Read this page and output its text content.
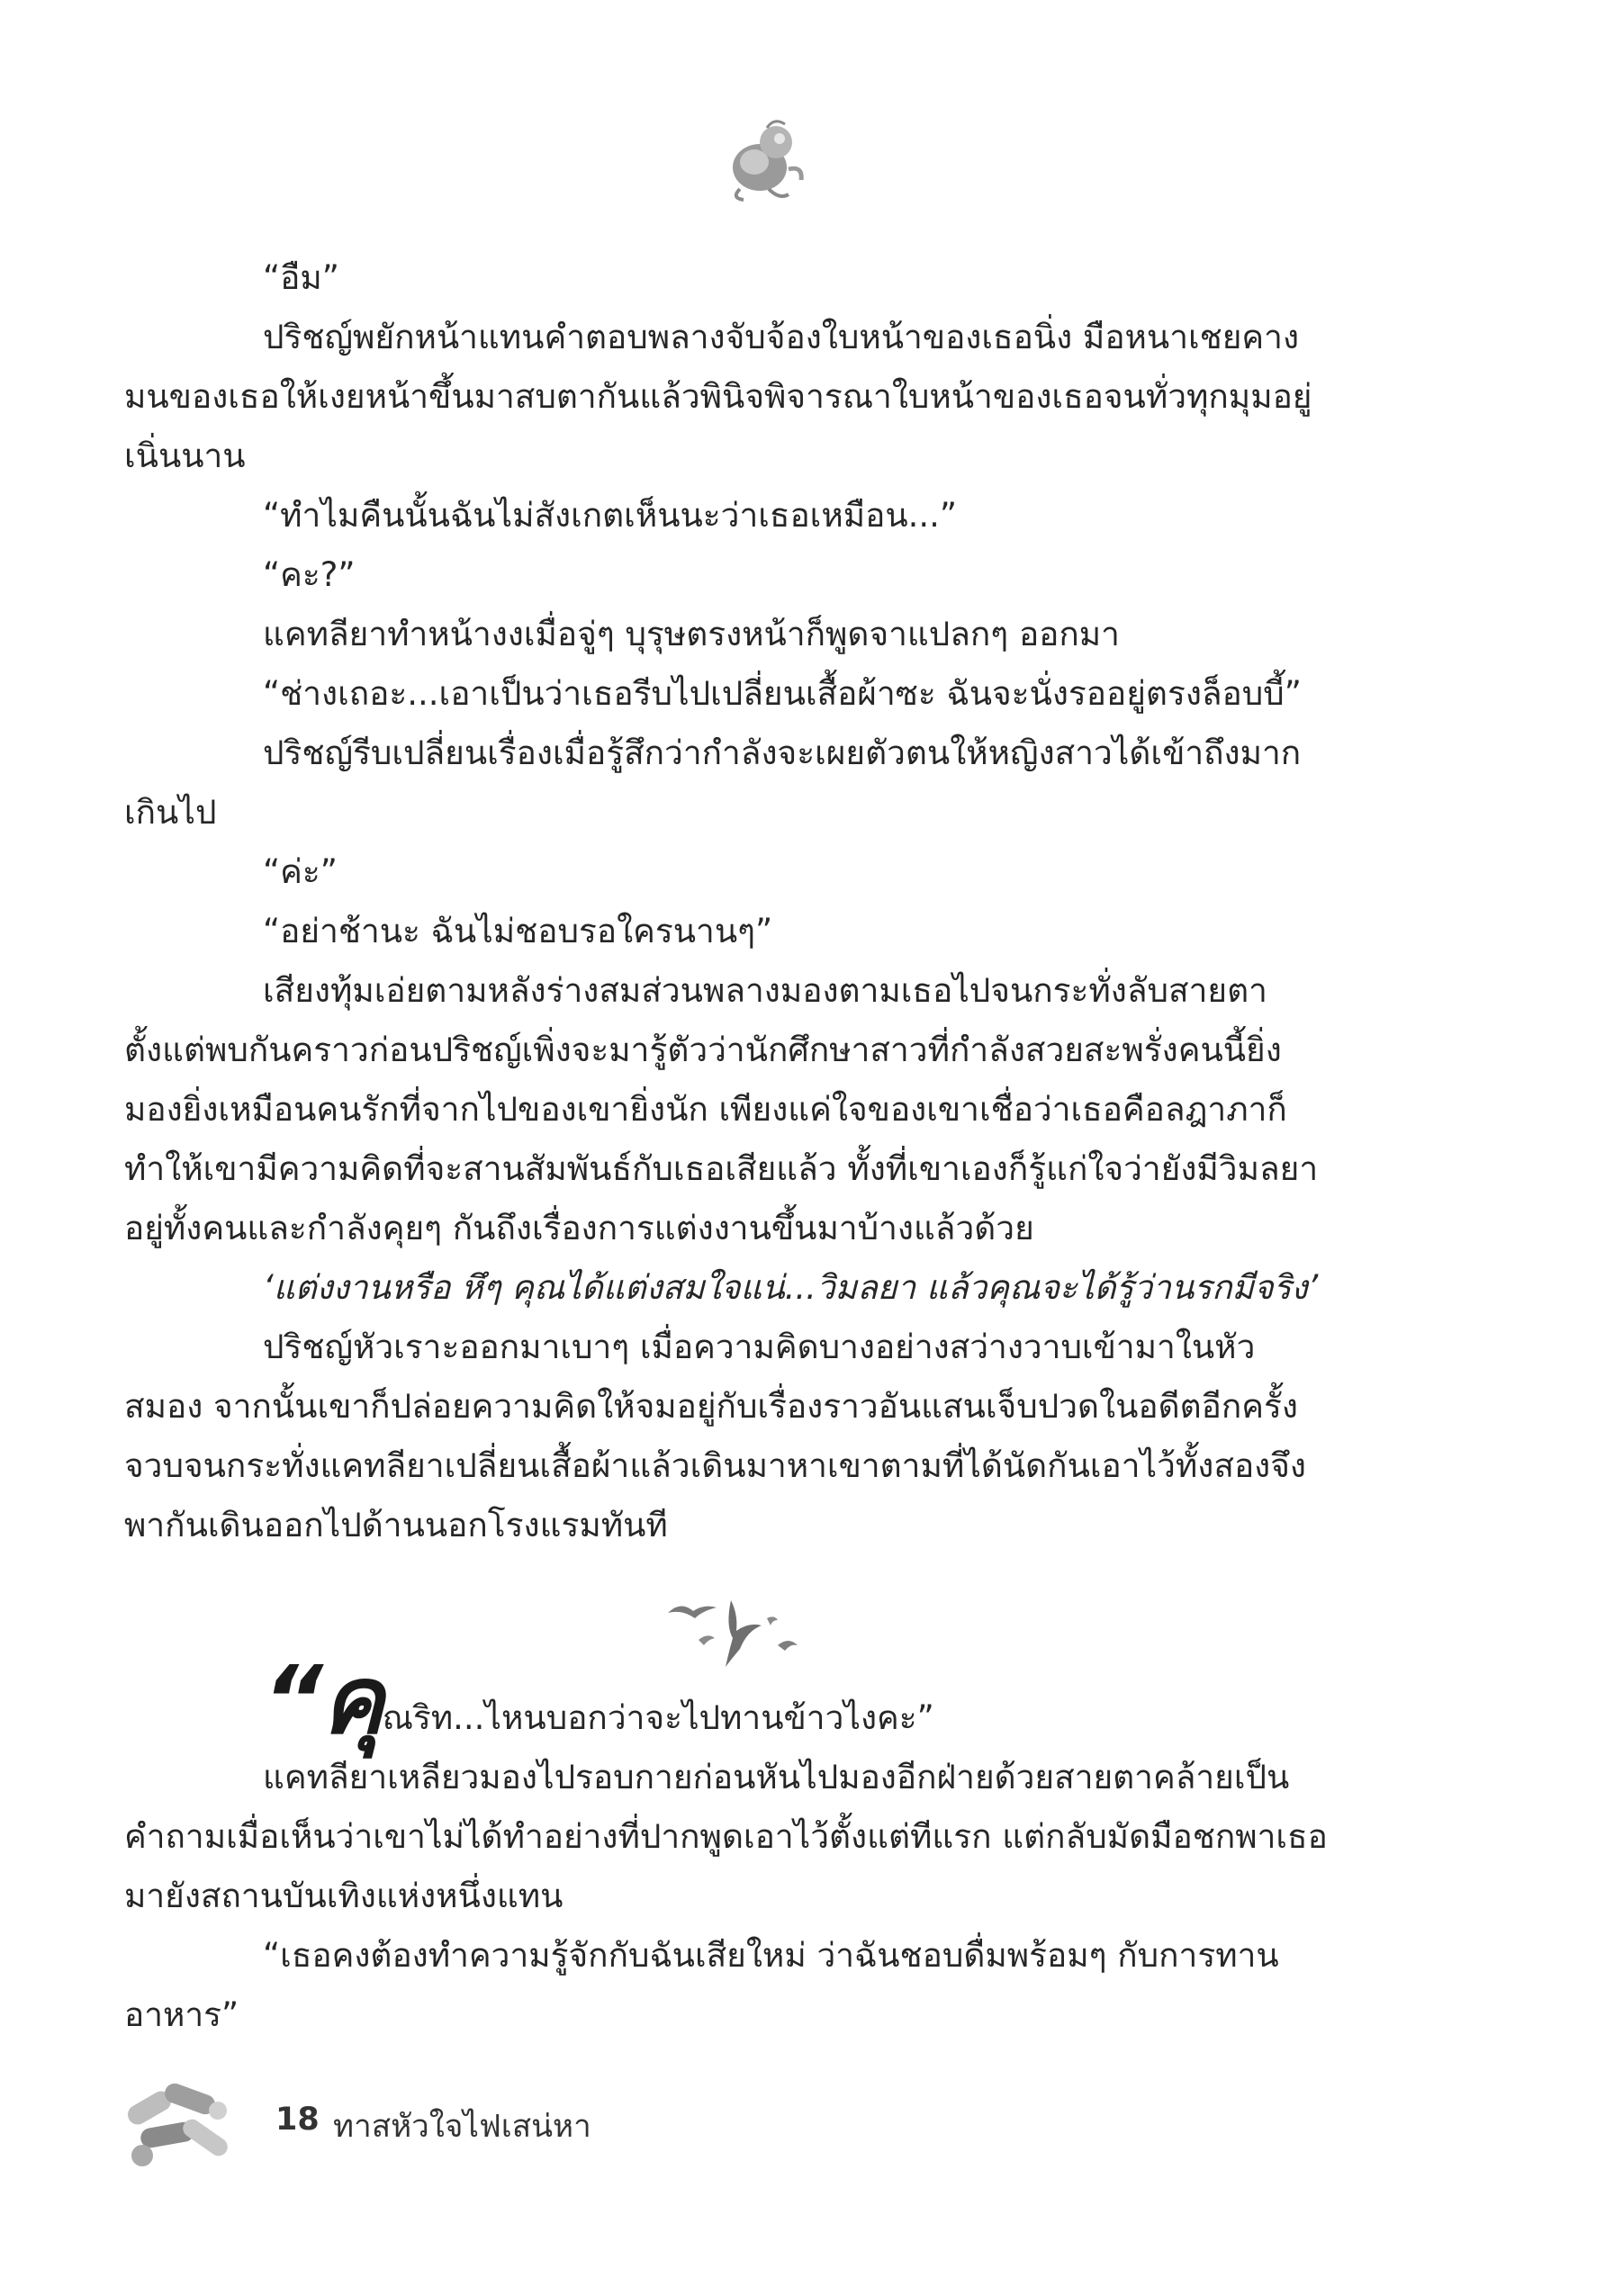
“อืม”

ปริชญ์พยักหน้าแทนคำตอบพลางจับจ้องใบหน้าของเธอนิ่ง มือหนาเชยคางมนของเธอให้เงยหน้าขึ้นมาสบตากันแล้วพินิจพิจารณาใบหน้าของเธอจนทั่วทุกมุมอยู่เนิ่นนาน

“ทำไมคืนนั้นฉันไม่สังเกตเห็นนะว่าเธอเหมือน...”

“คะ?”

แคทลียาทำหน้างงเมื่อจู่ๆ บุรุษตรงหน้าก็พูดจาแปลกๆ ออกมา

“ช่างเถอะ...เอาเป็นว่าเธอรีบไปเปลี่ยนเสื้อผ้าซะ ฉันจะนั่งรออยู่ตรงล็อบบี้”

ปริชญ์รีบเปลี่ยนเรื่องเมื่อรู้สึกว่ากำลังจะเผยตัวตนให้หญิงสาวได้เข้าถึงมากเกินไป

“ค่ะ”

“อย่าช้านะ ฉันไม่ชอบรอใครนานๆ”

เสียงทุ้มเอ่ยตามหลังร่างสมส่วนพลางมองตามเธอไปจนกระทั่งลับสายตาตั้งแต่พบกันคราวก่อนปริชญ์เพิ่งจะมารู้ตัวว่านักศึกษาสาวที่กำลังสวยสะพรั่งคนนี้ยิ่งมองยิ่งเหมือนคนรักที่จากไปของเขายิ่งนัก เพียงแค่ใจของเขาเชื่อว่าเธอคือลฎาภาก็ทำให้เขามีความคิดที่จะสานสัมพันธ์กับเธอเสียแล้ว ทั้งที่เขาเองก็รู้แก่ใจว่ายังมีวิมลยาอยู่ทั้งคนและกำลังคุยๆ กันถึงเรื่องการแต่งงานขึ้นมาบ้างแล้วด้วย

‘แต่งงานหรือ หึๆ คุณได้แต่งสมใจแน่...วิมลยา แล้วคุณจะได้รู้ว่านรกมีจริง’

ปริชญ์หัวเราะออกมาเบาๆ เมื่อความคิดบางอย่างสว่างวาบเข้ามาในหัวสมอง จากนั้นเขาก็ปล่อยความคิดให้จมอยู่กับเรื่องราวอันแสนเจ็บปวดในอดีตอีกครั้ง จวบจนกระทั่งแคทลียาเปลี่ยนเสื้อผ้าแล้วเดินมาหาเขาตามที่ได้นัดกันเอาไว้ทั้งสองจึงพากันเดินออกไปด้านนอกโรงแรมทันที

“คุณริท...ไหนบอกว่าจะไปทานข้าวไงคะ”

แคทลียาเหลียวมองไปรอบกายก่อนหันไปมองอีกฝ่ายด้วยสายตาคล้ายเป็นคำถามเมื่อเห็นว่าเขาไม่ได้ทำอย่างที่ปากพูดเอาไว้ตั้งแต่ทีแรก แต่กลับมัดมือชกพาเธอมายังสถานบันเทิงแห่งหนึ่งแทน

“เธอคงต้องทำความรู้จักกับฉันเสียใหม่ ว่าฉันชอบดื่มพร้อมๆ กับการทานอาหาร”

18 ทาสหัวใจไฟเสน่หา
